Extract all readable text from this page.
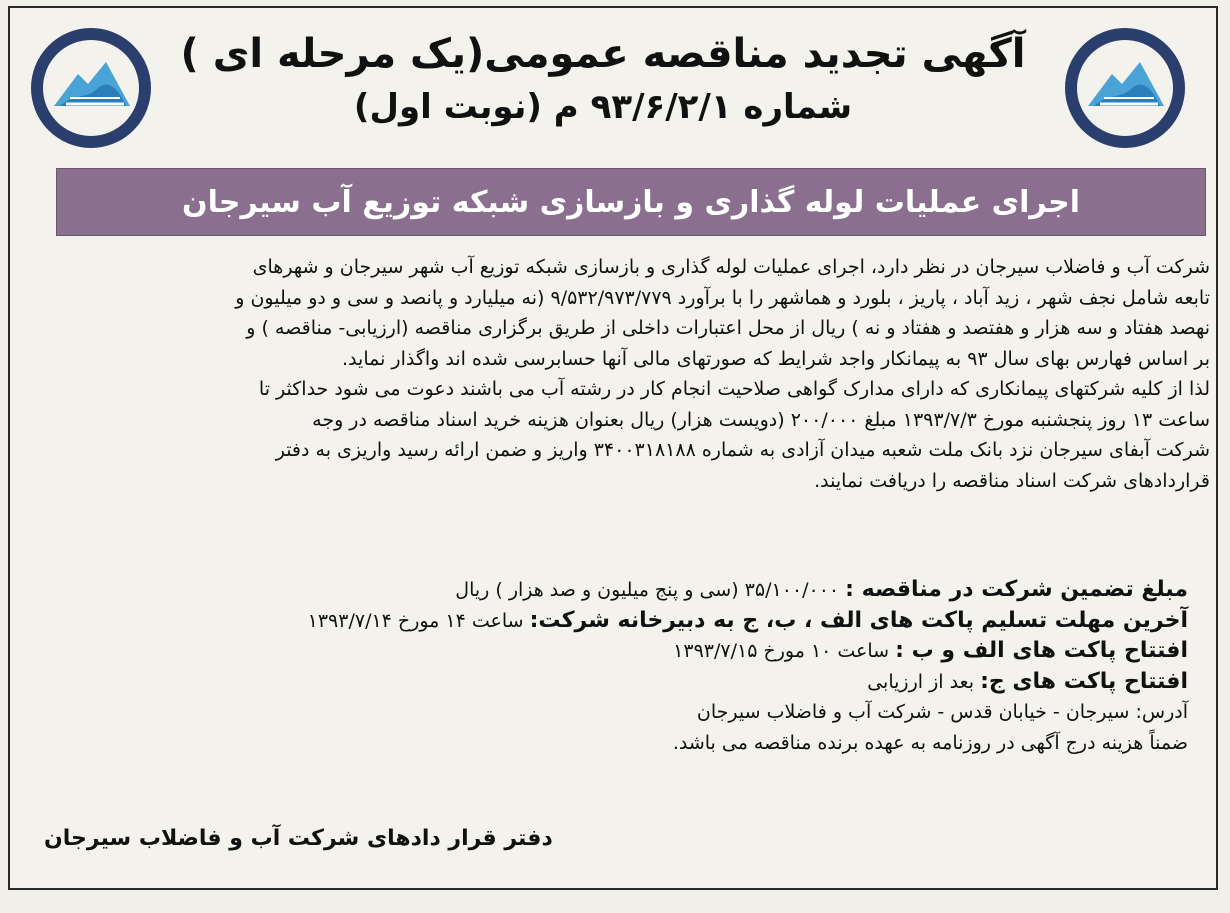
آگهی تجدید مناقصه عمومی(یک مرحله ای )
شماره ۹۳/۶/۲/۱ م (نوبت اول)
اجرای عملیات لوله گذاری و بازسازی شبکه توزیع آب سیرجان

شرکت آب و فاضلاب سیرجان در نظر دارد، اجرای عملیات لوله گذاری و بازسازی شبکه توزیع آب شهر سیرجان و شهرهای
تابعه شامل نجف شهر ، زید آباد ، پاریز ، بلورد و هماشهر را با برآورد ۹/۵۳۲/۹۷۳/۷۷۹ (نه میلیارد و پانصد و سی و دو میلیون و
نهصد هفتاد و سه هزار و هفتصد و هفتاد و نه ) ریال از محل اعتبارات داخلی از طریق برگزاری مناقصه (ارزیابی- مناقصه ) و
بر اساس فهارس بهای سال ۹۳ به پیمانکار واجد شرایط که صورتهای مالی آنها حسابرسی شده اند واگذار نماید.

لذا از کلیه شرکتهای پیمانکاری که دارای مدارک گواهی صلاحیت انجام کار در رشته آب می باشند دعوت می شود حداکثر تا
ساعت ۱۳ روز پنجشنبه مورخ ۱۳۹۳/۷/۳ مبلغ ۲۰۰/۰۰۰ (دویست هزار) ریال بعنوان هزینه خرید اسناد مناقصه در وجه
شرکت آبفای سیرجان نزد بانک ملت شعبه میدان آزادی به شماره ۳۴۰۰۳۱۸۱۸۸ واریز و ضمن ارائه رسید واریزی به دفتر
قراردادهای شرکت اسناد مناقصه را دریافت نمایند.

مبلغ تضمین شرکت در مناقصه : ۳۵/۱۰۰/۰۰۰ (سی و پنج میلیون و صد هزار ) ریال
آخرین مهلت تسلیم پاکت های الف ، ب، ج به دبیرخانه شرکت: ساعت ۱۴ مورخ ۱۳۹۳/۷/۱۴
افتتاح پاکت های الف و ب : ساعت ۱۰ مورخ ۱۳۹۳/۷/۱۵
افتتاح پاکت های ج: بعد از ارزیابی
آدرس: سیرجان - خیابان قدس - شرکت آب و فاضلاب سیرجان
ضمناً هزینه درج آگهی در روزنامه به عهده برنده مناقصه می باشد.
دفتر قرار دادهای شرکت آب و فاضلاب سیرجان
